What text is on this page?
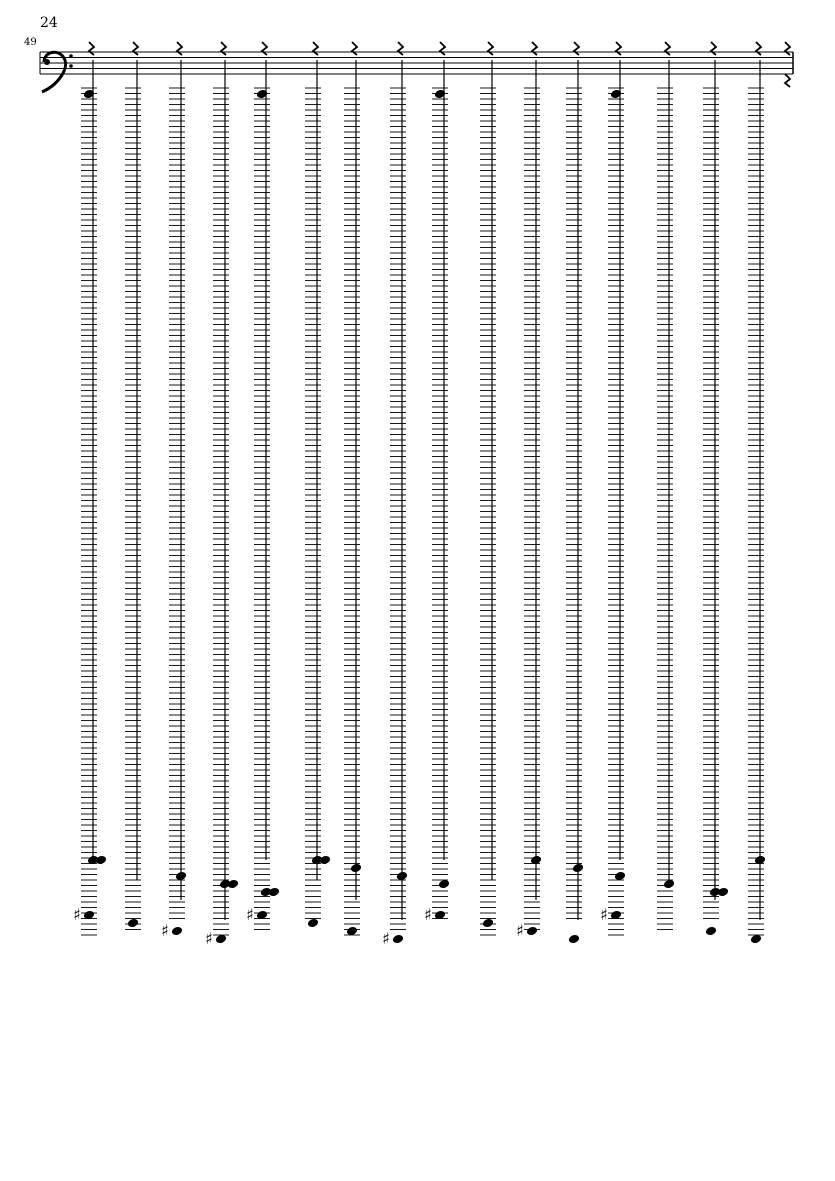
24
49
♯
♯ ♯
♯
♯
♯
♯
♯
